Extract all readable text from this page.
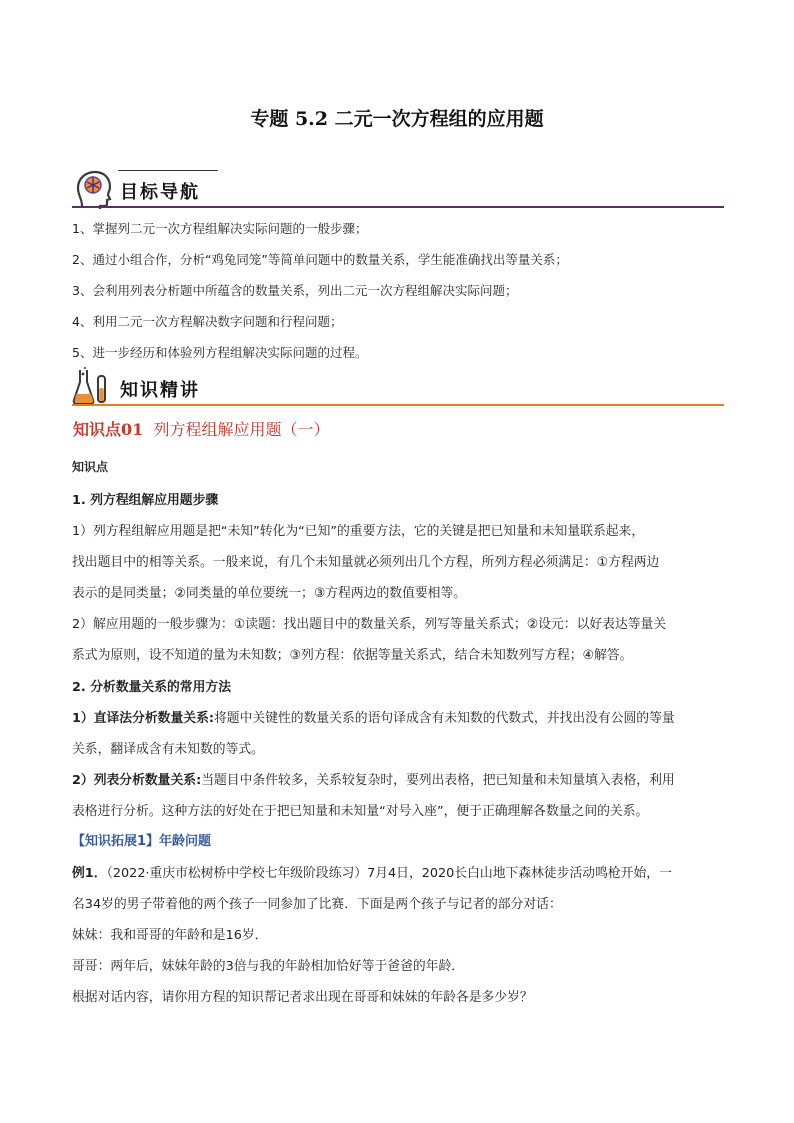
专题 5.2 二元一次方程组的应用题
目标导航
1、掌握列二元一次方程组解决实际问题的一般步骤；
2、通过小组合作，分析“鸡兔同笼”等简单问题中的数量关系，学生能准确找出等量关系；
3、会利用列表分析题中所蕴含的数量关系，列出二元一次方程组解决实际问题；
4、利用二元一次方程解决数字问题和行程问题；
5、进一步经历和体验列方程组解决实际问题的过程。
知识精讲
知识点01 列方程组解应用题（一）
知识点
1. 列方程组解应用题步骤
1）列方程组解应用题是把“未知”转化为“已知”的重要方法，它的关键是把已知量和未知量联系起来，
找出题目中的相等关系。一般来说，有几个未知量就必须列出几个方程，所列方程必须满足：①方程两边
表示的是同类量；②同类量的单位要统一；③方程两边的数值要相等。
2）解应用题的一般步骤为：①读题：找出题目中的数量关系，列写等量关系式；②设元：以好表达等量关
系式为原则，设不知道的量为未知数；③列方程：依据等量关系式，结合未知数列写方程；④解答。
2. 分析数量关系的常用方法
1）直译法分析数量关系:将题中关键性的数量关系的语句译成含有未知数的代数式，并找出没有公圆的等量
关系，翻译成含有未知数的等式。
2）列表分析数量关系:当题目中条件较多，关系较复杂时，要列出表格，把已知量和未知量填入表格，利用
表格进行分析。这种方法的好处在于把已知量和未知量“对号入座”，便于正确理解各数量之间的关系。
【知识拓展1】年龄问题
例1．（2022·重庆市松树桥中学校七年级阶段练习）7月4日，2020长白山地下森林徒步活动鸣枪开始，一
名34岁的男子带着他的两个孩子一同参加了比赛．下面是两个孩子与记者的部分对话：
妹妹：我和哥哥的年龄和是16岁．
哥哥：两年后，妹妹年龄的3倍与我的年龄相加恰好等于爸爸的年龄．
根据对话内容，请你用方程的知识帮记者求出现在哥哥和妹妹的年龄各是多少岁？
